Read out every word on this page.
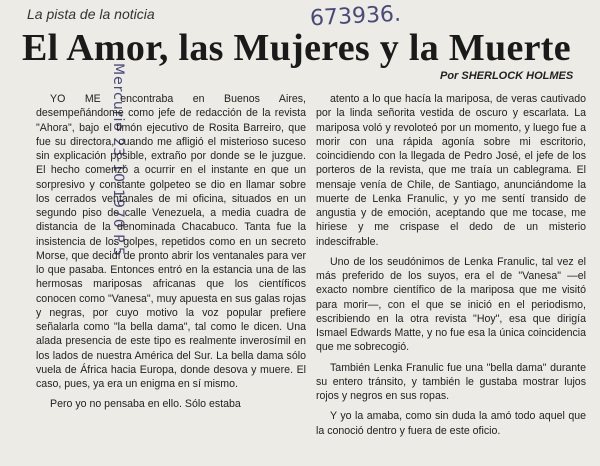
La pista de la noticia	673936.
El Amor, las Mujeres y la Muerte
Por SHERLOCK HOLMES
Mercurio 23-10-1970 P.5

YO ME encontraba en Buenos Aires, desempeñándome como jefe de redacción de la revista "Ahora", bajo el timón ejecutivo de Rosita Barreiro, que fue su directora, cuando me afligió el misterioso suceso sin explicación posible, extraño por donde se le juzgue. El hecho comenzó a ocurrir en el instante en que un sorpresivo y constante golpeteo se dio en llamar sobre los cerrados ventanales de mi oficina, situados en un segundo piso de calle Venezuela, a media cuadra de distancia de la denominada Chacabuco. Tanta fue la insistencia de los golpes, repetidos como en un secreto Morse, que decidí de pronto abrir los ventanales para ver lo que pasaba. Entonces entró en la estancia una de las hermosas mariposas africanas que los científicos conocen como "Vanesa", muy apuesta en sus galas rojas y negras, por cuyo motivo la voz popular prefiere señalarla como "la bella dama", tal como le dicen. Una alada presencia de este tipo es realmente inverosímil en los lados de nuestra América del Sur. La bella dama sólo vuela de África hacia Europa, donde desova y muere. El caso, pues, ya era un enigma en sí mismo.

Pero yo no pensaba en ello. Sólo estaba

atento a lo que hacía la mariposa, de veras cautivado por la linda señorita vestida de oscuro y escarlata. La mariposa voló y revoloteó por un momento, y luego fue a morir con una rápida agonía sobre mi escritorio, coincidiendo con la llegada de Pedro José, el jefe de los porteros de la revista, que me traía un cablegrama. El mensaje venía de Chile, de Santiago, anunciándome la muerte de Lenka Franulic, y yo me sentí transido de angustia y de emoción, aceptando que me tocase, me hiriese y me crispase el dedo de un misterio indescifrable.

Uno de los seudónimos de Lenka Franulic, tal vez el más preferido de los suyos, era el de "Vanesa" —el exacto nombre científico de la mariposa que me visitó para morir—, con el que se inició en el periodismo, escribiendo en la otra revista "Hoy", esa que dirigía Ismael Edwards Matte, y no fue esa la única coincidencia que me sobrecogió.

También Lenka Franulic fue una "bella dama" durante su entero tránsito, y también le gustaba mostrar lujos rojos y negros en sus ropas.

Y yo la amaba, como sin duda la amó todo aquel que la conoció dentro y fuera de este oficio.
